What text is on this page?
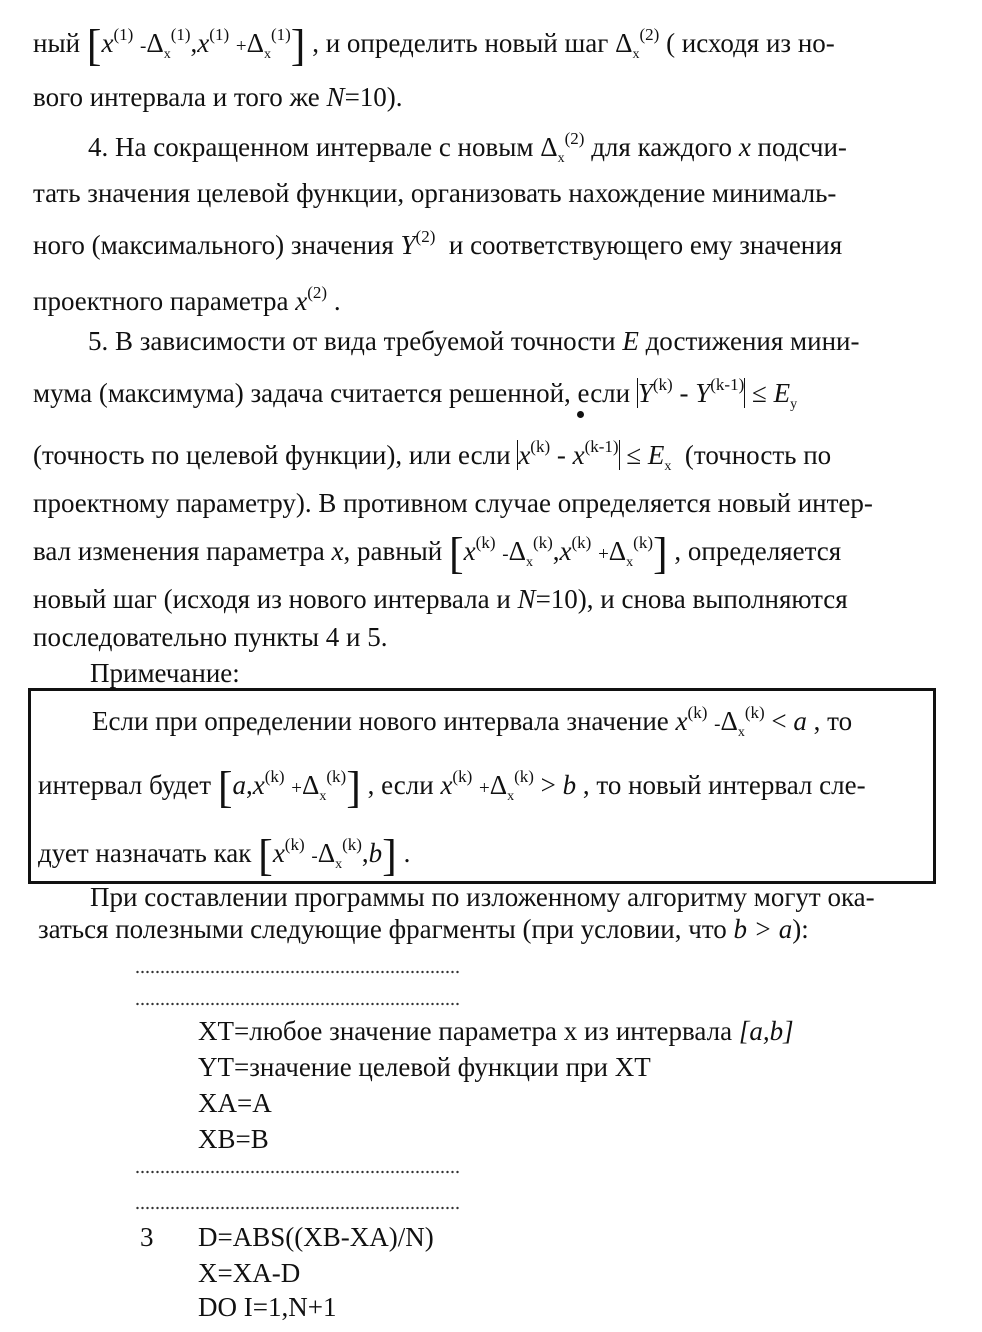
ный [$x^{(1)}$ $-\Delta_x^{(1)},x^{(1)} +\Delta_x^{(1)}$] , и определить новый шаг $\Delta_x^{(2)}$ ( исходя из но-
вого интервала и того же N=10).
4. На сокращенном интервале с новым $\Delta_x^{(2)}$ для каждого x подсчи-
тать значения целевой функции, организовать нахождение минималь-
ного (максимального) значения $Y^{(2)}$ и соответствующего ему значения
проектного параметра $x^{(2)}$ .
5. В зависимости от вида требуемой точности E достижения мини-
мума (максимума) задача считается решенной, если $Y^{(k)} - Y^{(k-1)} \le E_y$
(точность по целевой функции), или если $x^{(k)} - x^{(k-1)} \le E_x$ (точность по
проектному параметру). В противном случае определяется новый интер-
вал изменения параметра x, равный [$x^{(k)}$ $-\Delta_x^{(k)},x^{(k)} +\Delta_x^{(k)}$] , определяется
новый шаг (исходя из нового интервала и N=10), и снова выполняются
последовательно пункты 4 и 5.
Примечание:
Если при определении нового интервала значение $x^{(k)}$ $-\Delta_x^{(k)} < a$ , то
интервал будет $[a,x^{(k)} +\Delta_x^{(k)}]$ , если $x^{(k)} +\Delta_x^{(k)} > b$ , то новый интервал сле-
дует назначать как [$x^{(k)}$ $-\Delta_x^{(k)},b$] .
При составлении программы по изложенному алгоритму могут ока-
заться полезными следующие фрагменты (при условии, что b > a):
XT=любое значение параметра x из интервала [a,b]
YT=значение целевой функции при XT
XA=A
XB=B
3 D=ABS((XB-XA)/N)
X=XA-D
DO I=1,N+1
